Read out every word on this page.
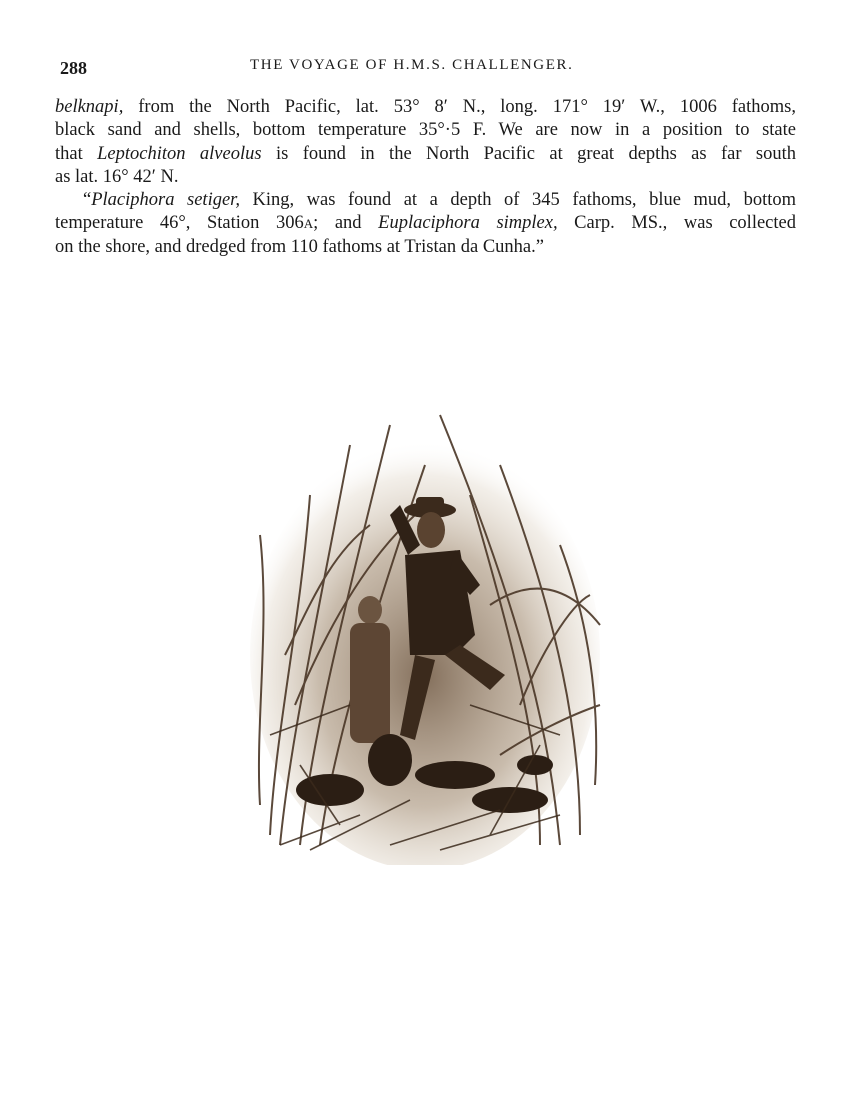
288	THE VOYAGE OF H.M.S. CHALLENGER.
belknapi, from the North Pacific, lat. 53° 8′ N., long. 171° 19′ W., 1006 fathoms,
black sand and shells, bottom temperature 35°·5 F. We are now in a position to state
that Leptochiton alveolus is found in the North Pacific at great depths as far south
as lat. 16° 42′ N.
“Placiphora setiger, King, was found at a depth of 345 fathoms, blue mud, bottom
temperature 46°, Station 306a; and Euplaciphora simplex, Carp. MS., was collected
on the shore, and dredged from 110 fathoms at Tristan da Cunha.”
